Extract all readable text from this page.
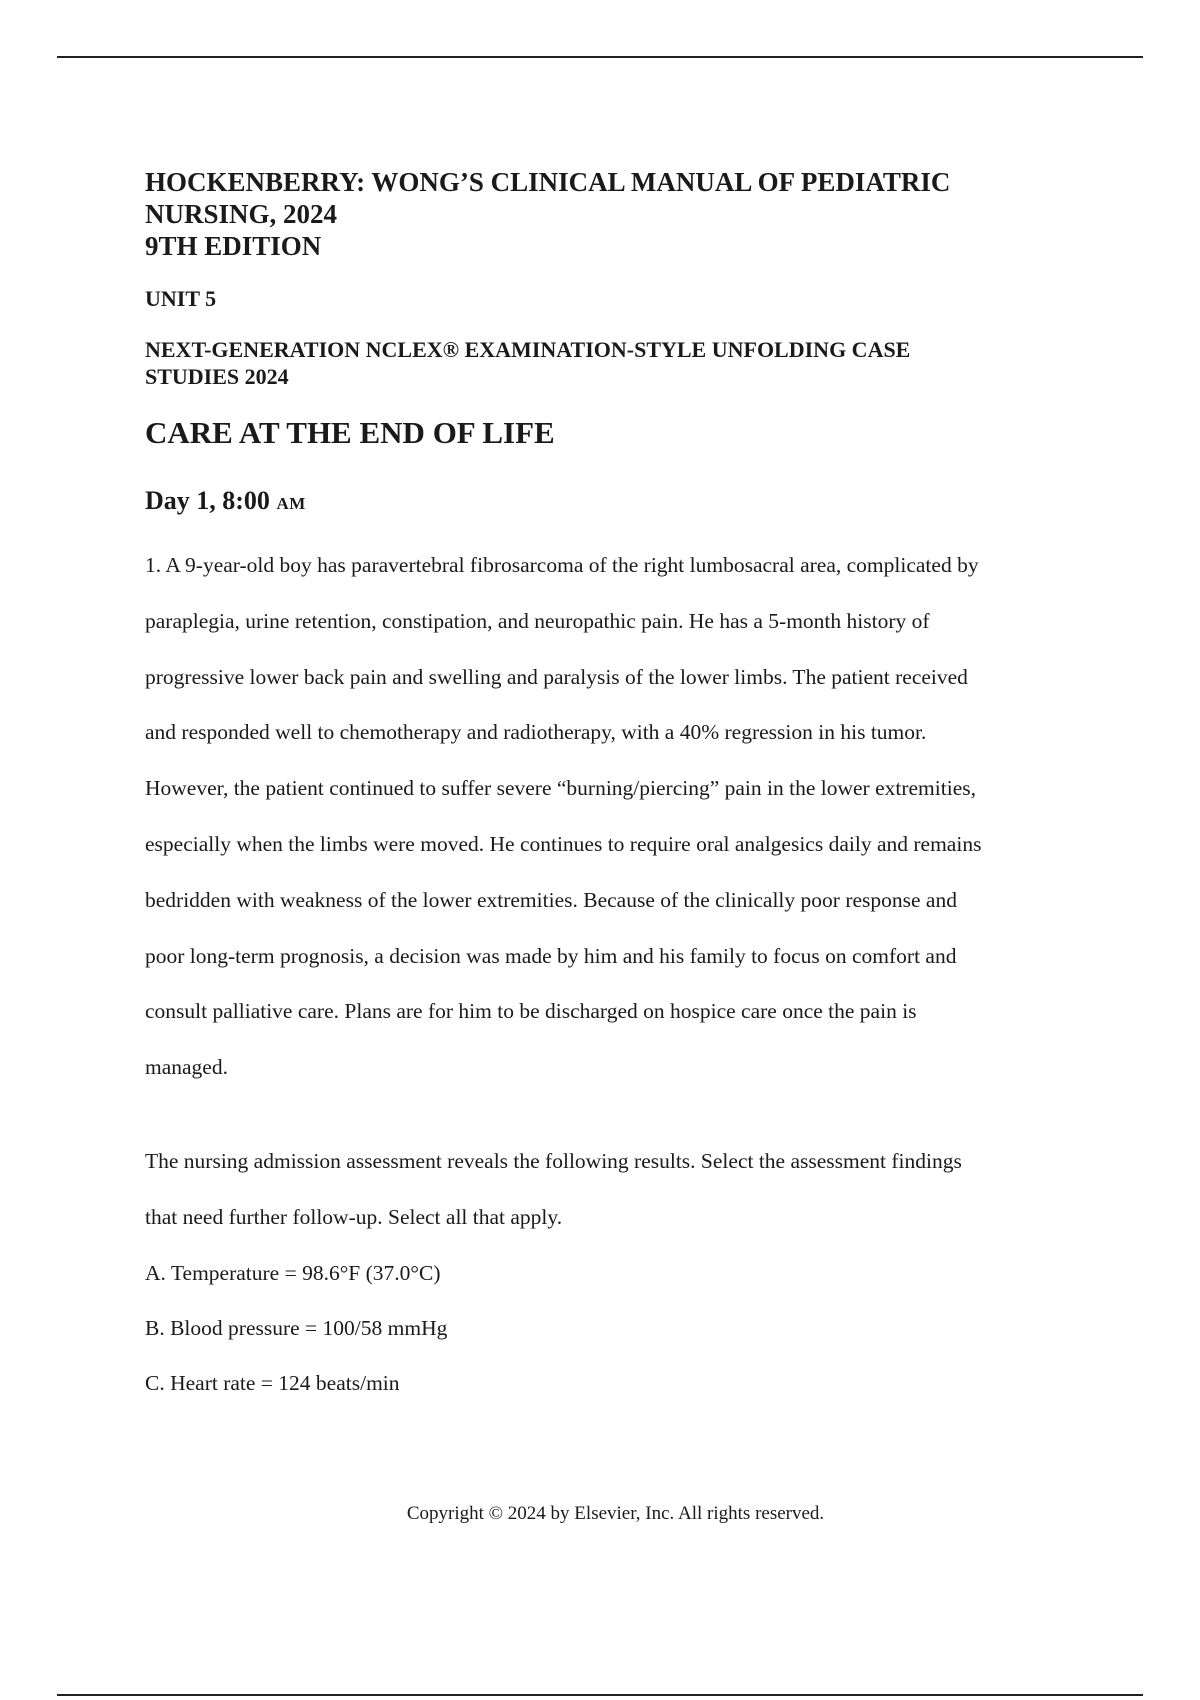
HOCKENBERRY: WONG’S CLINICAL MANUAL OF PEDIATRIC
NURSING, 2024
9TH EDITION
UNIT 5
NEXT-GENERATION NCLEX® EXAMINATION-STYLE UNFOLDING CASE
STUDIES 2024
CARE AT THE END OF LIFE
Day 1, 8:00 AM

1. A 9-year-old boy has paravertebral fibrosarcoma of the right lumbosacral area, complicated by
paraplegia, urine retention, constipation, and neuropathic pain. He has a 5-month history of
progressive lower back pain and swelling and paralysis of the lower limbs. The patient received
and responded well to chemotherapy and radiotherapy, with a 40% regression in his tumor.
However, the patient continued to suffer severe “burning/piercing” pain in the lower extremities,
especially when the limbs were moved. He continues to require oral analgesics daily and remains
bedridden with weakness of the lower extremities. Because of the clinically poor response and
poor long-term prognosis, a decision was made by him and his family to focus on comfort and
consult palliative care. Plans are for him to be discharged on hospice care once the pain is
managed.

The nursing admission assessment reveals the following results. Select the assessment findings
that need further follow-up. Select all that apply.

A. Temperature = 98.6°F (37.0°C)

B. Blood pressure = 100/58 mmHg

C. Heart rate = 124 beats/min

Copyright © 2024 by Elsevier, Inc. All rights reserved.
